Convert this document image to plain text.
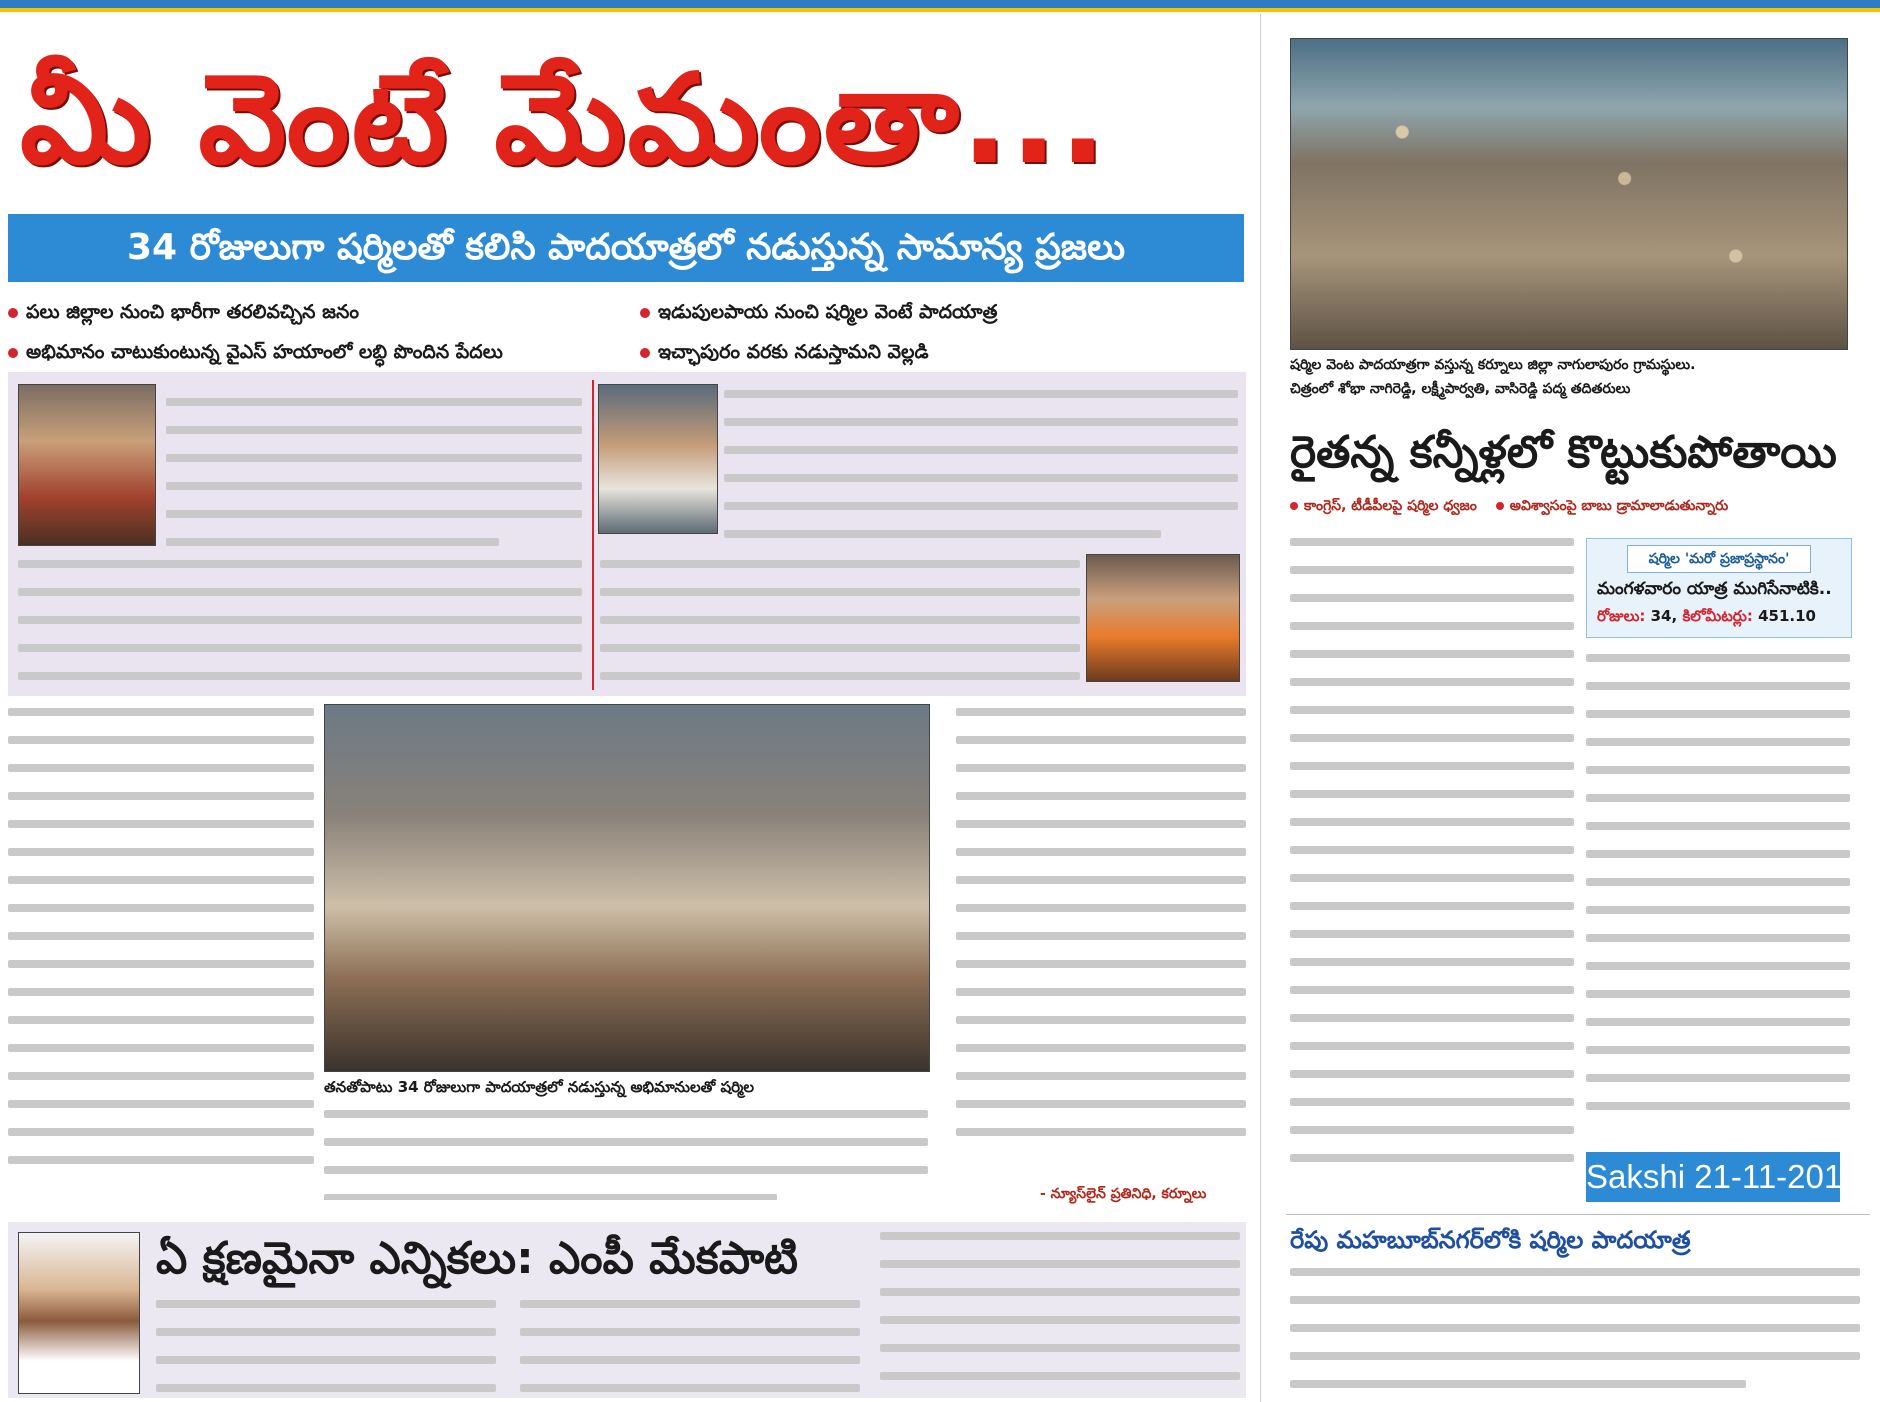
మీ వెంటే మేమంతా...
34 రోజులుగా షర్మిలతో కలిసి పాదయాత్రలో నడుస్తున్న సామాన్య ప్రజలు
పలు జిల్లాల నుంచి భారీగా తరలివచ్చిన జనం
అభిమానం చాటుకుంటున్న వైఎస్ హయాంలో లబ్ధి పొందిన పేదలు
ఇడుపులపాయ నుంచి షర్మిల వెంటే పాదయాత్ర
ఇచ్ఛాపురం వరకు నడుస్తామని వెల్లడి
తనతోపాటు 34 రోజులుగా పాదయాత్రలో నడుస్తున్న అభిమానులతో షర్మిల
- న్యూస్‌లైన్ ప్రతినిధి, కర్నూలు
ఏ క్షణమైనా ఎన్నికలు: ఎంపీ మేకపాటి
షర్మిల వెంట పాదయాత్రగా వస్తున్న కర్నూలు జిల్లా నాగులాపురం గ్రామస్థులు.
చిత్రంలో శోభా నాగిరెడ్డి, లక్ష్మీపార్వతి, వాసిరెడ్డి పద్మ తదితరులు
రైతన్న కన్నీళ్లలో కొట్టుకుపోతాయి
కాంగ్రెస్, టీడీపీలపై షర్మిల ధ్వజం అవిశ్వాసంపై బాబు డ్రామాలాడుతున్నారు
షర్మిల 'మరో ప్రజాప్రస్థానం'
మంగళవారం యాత్ర ముగిసేనాటికి..
రోజులు: 34, కిలోమీటర్లు: 451.10
Sakshi 21-11-2012
రేపు మహబూబ్‌నగర్‌లోకి షర్మిల పాదయాత్ర
